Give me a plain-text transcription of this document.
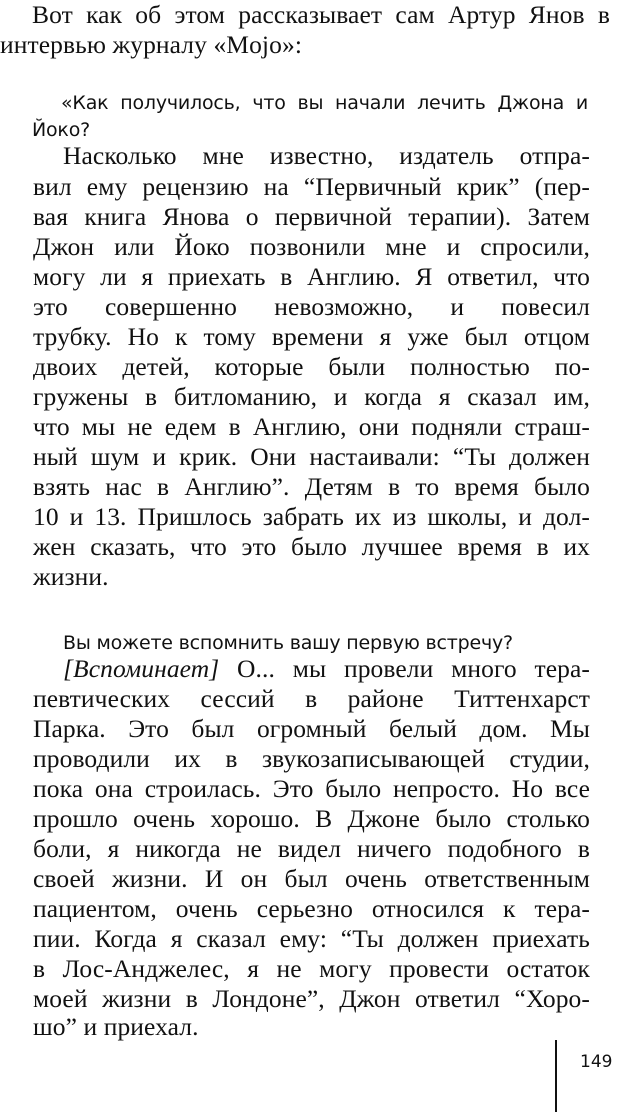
Вот как об этом рассказывает сам Артур Янов в

интервью журналу «Mojo»:

«Как получилось, что вы начали лечить Джона и

Йоко?

Насколько мне известно, издатель отпра-

вил ему рецензию на “Первичный крик” (пер-

вая книга Янова о первичной терапии). Затем

Джон или Йоко позвонили мне и спросили,

могу ли я приехать в Англию. Я ответил, что

это совершенно невозможно, и повесил

трубку. Но к тому времени я уже был отцом

двоих детей, которые были полностью по-

гружены в битломанию, и когда я сказал им,

что мы не едем в Англию, они подняли страш-

ный шум и крик. Они настаивали: “Ты должен

взять нас в Англию”. Детям в то время было

10 и 13. Пришлось забрать их из школы, и дол-

жен сказать, что это было лучшее время в их

жизни.

Вы можете вспомнить вашу первую встречу?

[Вспоминает] О... мы провели много тера-

певтических сессий в районе Титтенхарст

Парка. Это был огромный белый дом. Мы

проводили их в звукозаписывающей студии,

пока она строилась. Это было непросто. Но все

прошло очень хорошо. В Джоне было столько

боли, я никогда не видел ничего подобного в

своей жизни. И он был очень ответственным

пациентом, очень серьезно относился к тера-

пии. Когда я сказал ему: “Ты должен приехать

в Лос-Анджелес, я не могу провести остаток

моей жизни в Лондоне”, Джон ответил “Хоро-

шо” и приехал.

149
